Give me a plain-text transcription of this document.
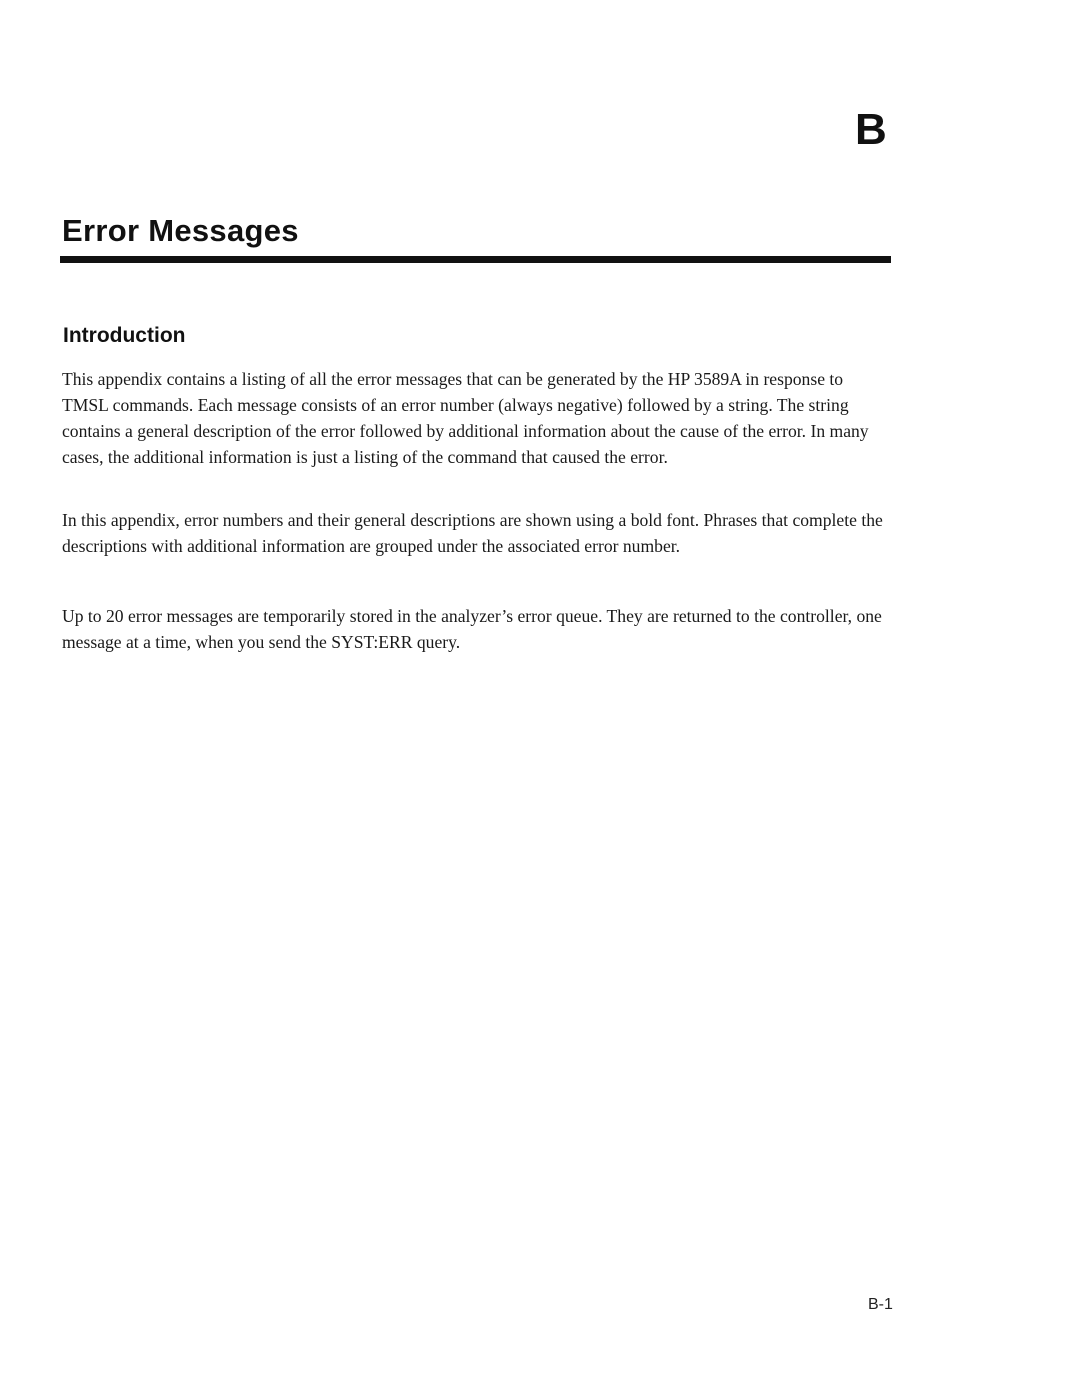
B
Error Messages
Introduction

This appendix contains a listing of all the error messages that can be generated by the HP 3589A in response to TMSL commands. Each message consists of an error number (always negative) followed by a string. The string contains a general description of the error followed by additional information about the cause of the error. In many cases, the additional information is just a listing of the command that caused the error.

In this appendix, error numbers and their general descriptions are shown using a bold font. Phrases that complete the descriptions with additional information are grouped under the associated error number.

Up to 20 error messages are temporarily stored in the analyzer’s error queue. They are returned to the controller, one message at a time, when you send the SYST:ERR query.

B-1
